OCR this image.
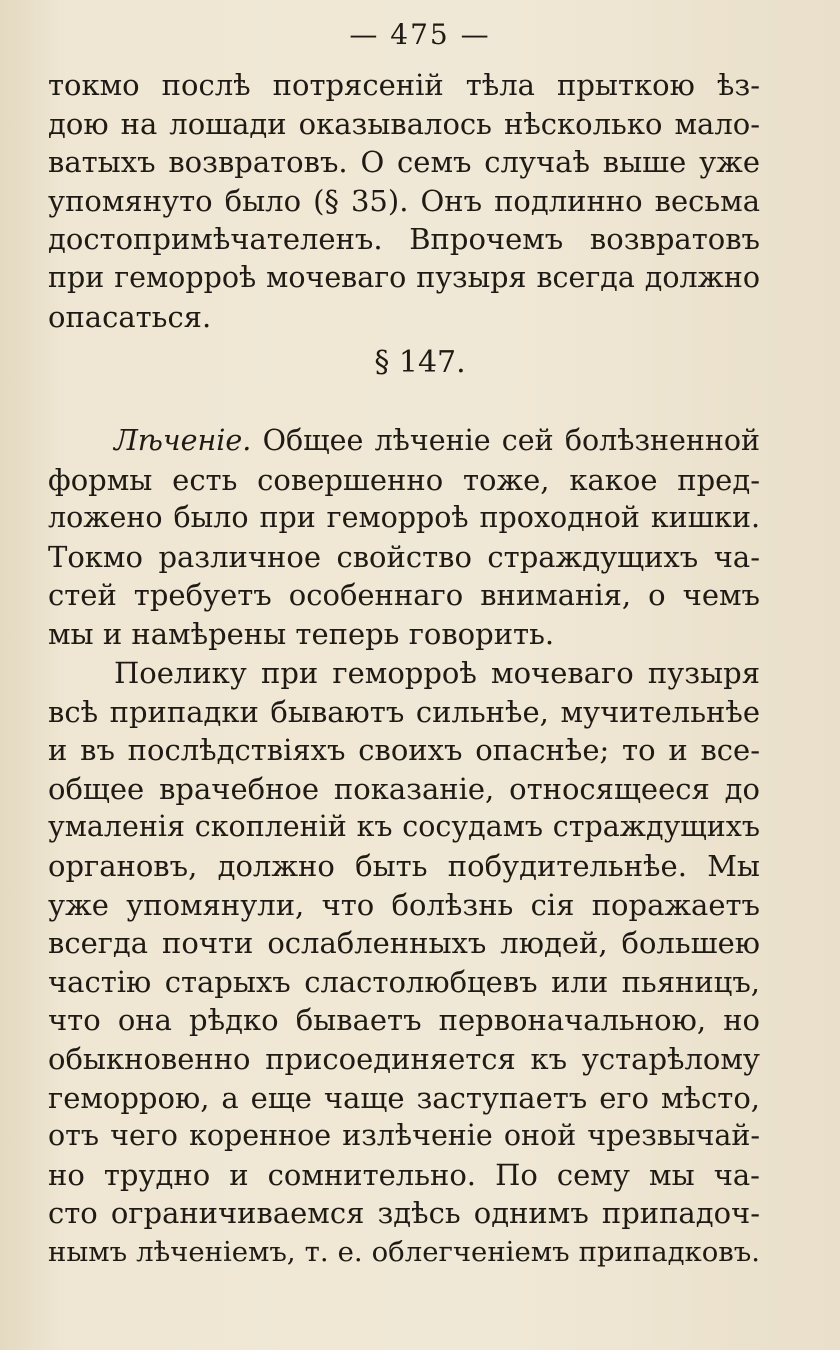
— 475 —
токмо послѣ потрясеній тѣла прыткою ѣз-
дою на лошади оказывалось нѣсколько мало-
ватыхъ возвратовъ. О семъ случаѣ выше уже
упомянуто было (§ 35). Онъ подлинно весьма
достопримѣчателенъ. Впрочемъ возвратовъ
при геморроѣ мочеваго пузыря всегда должно
опасаться.
§ 147.
Лѣченіе. Общее лѣченіе сей болѣзненной
формы есть совершенно тоже, какое пред-
ложено было при геморроѣ проходной кишки.
Токмо различное свойство страждущихъ ча-
стей требуетъ особеннаго вниманія, о чемъ
мы и намѣрены теперь говорить.
Поелику при геморроѣ мочеваго пузыря
всѣ припадки бываютъ сильнѣе, мучительнѣе
и въ послѣдствіяхъ своихъ опаснѣе; то и все-
общее врачебное показаніе, относящееся до
умаленія скопленій къ сосудамъ страждущихъ
органовъ, должно быть побудительнѣе. Мы
уже упомянули, что болѣзнь сія поражаетъ
всегда почти ослабленныхъ людей, большею
частію старыхъ сластолюбцевъ или пьяницъ,
что она рѣдко бываетъ первоначальною, но
обыкновенно присоединяется къ устарѣлому
геморрою, а еще чаще заступаетъ его мѣсто,
отъ чего коренное излѣченіе оной чрезвычай-
но трудно и сомнительно. По сему мы ча-
сто ограничиваемся здѣсь однимъ припадоч-
нымъ лѣченіемъ, т. е. облегченіемъ припадковъ.
